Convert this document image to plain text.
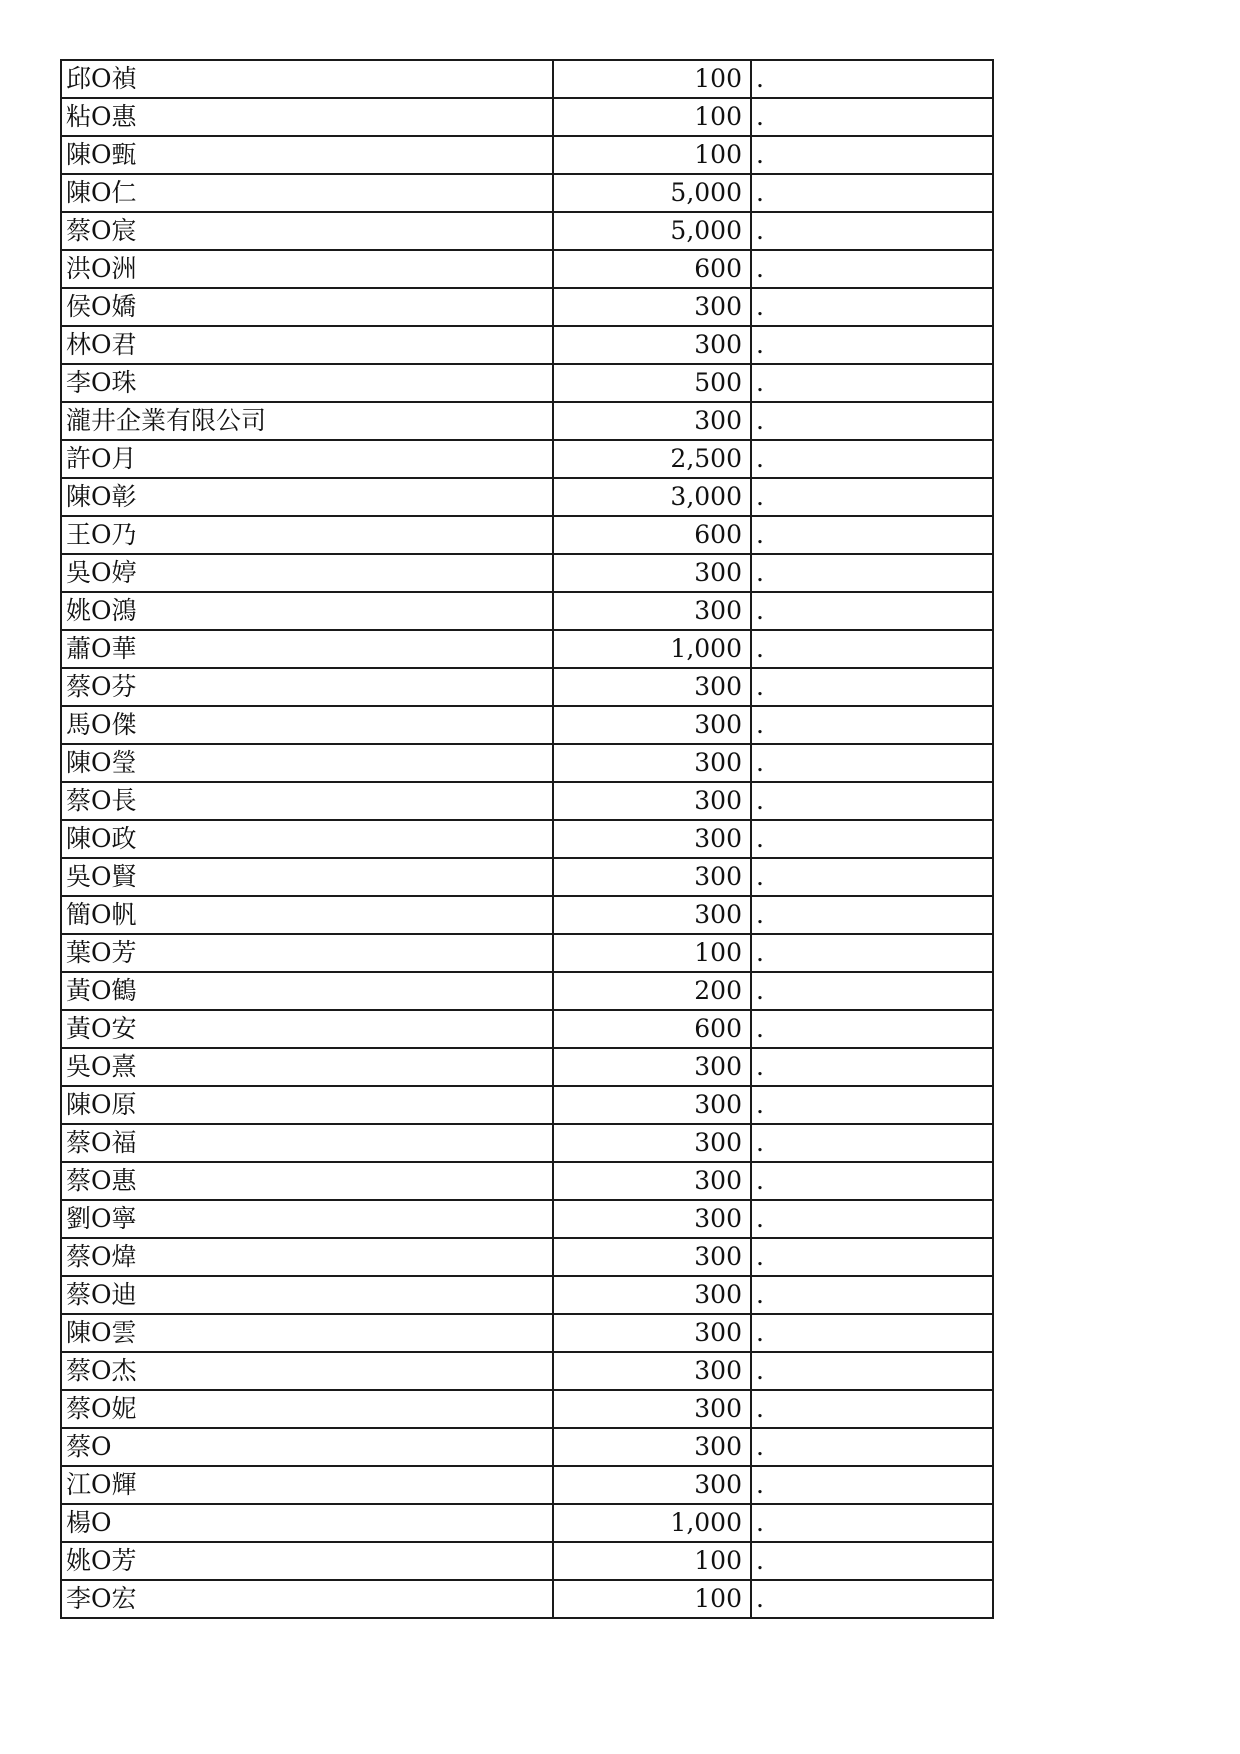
邱O禎	100	.
粘O惠	100	.
陳O甄	100	.
陳O仁	5,000	.
蔡O宸	5,000	.
洪O洲	600	.
侯O嬌	300	.
林O君	300	.
李O珠	500	.
瀧井企業有限公司	300	.
許O月	2,500	.
陳O彰	3,000	.
王O乃	600	.
吳O婷	300	.
姚O鴻	300	.
蕭O華	1,000	.
蔡O芬	300	.
馬O傑	300	.
陳O瑩	300	.
蔡O長	300	.
陳O政	300	.
吳O賢	300	.
簡O帆	300	.
葉O芳	100	.
黃O鶴	200	.
黃O安	600	.
吳O熹	300	.
陳O原	300	.
蔡O福	300	.
蔡O惠	300	.
劉O寧	300	.
蔡O煒	300	.
蔡O迪	300	.
陳O雲	300	.
蔡O杰	300	.
蔡O妮	300	.
蔡O	300	.
江O輝	300	.
楊O	1,000	.
姚O芳	100	.
李O宏	100	.
